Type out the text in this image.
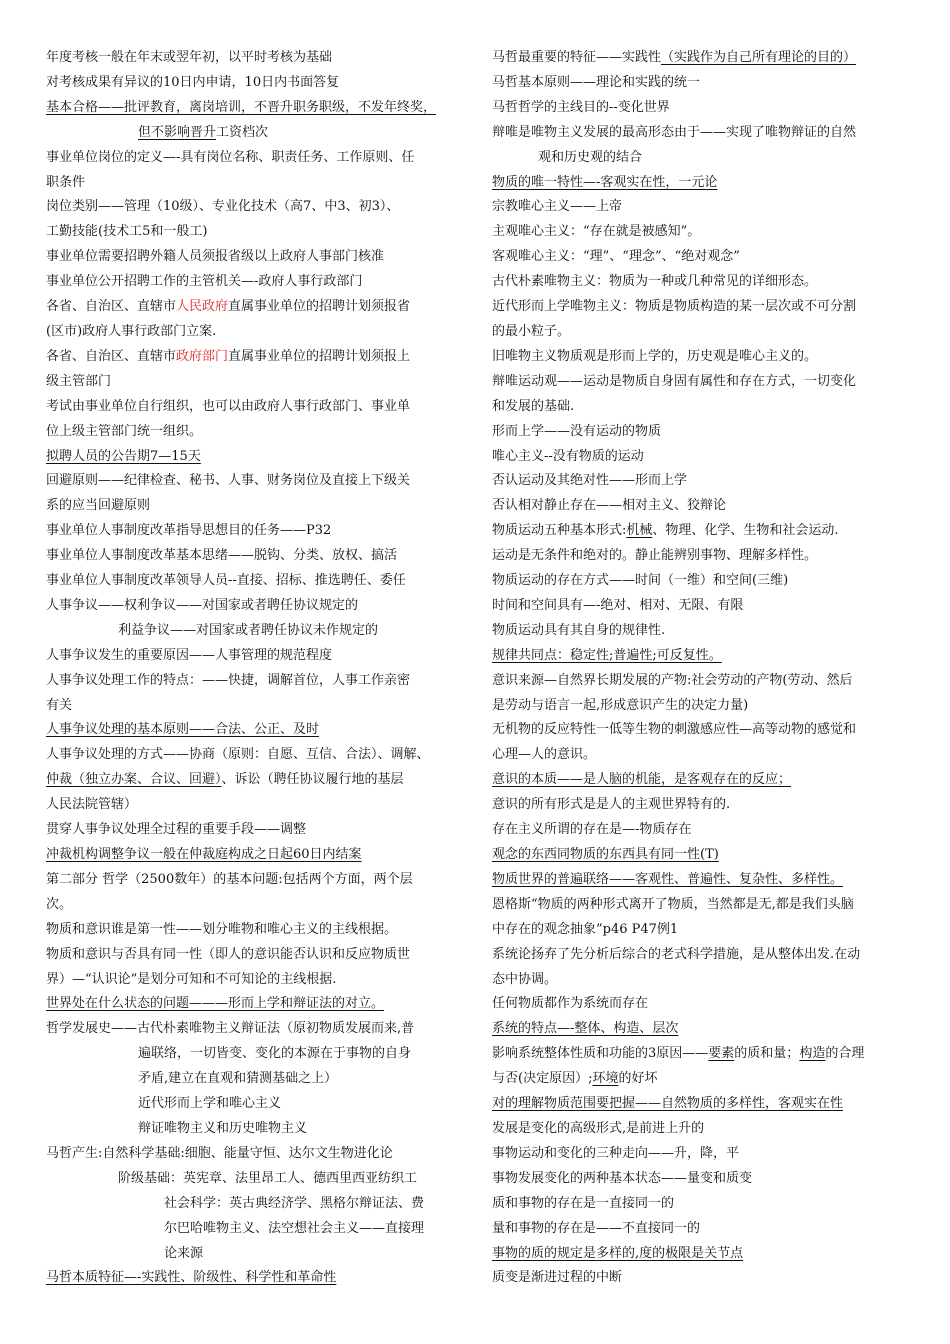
年度考核一般在年末或翌年初，以平时考核为基础
对考核成果有异议的10日内申请，10日内书面答复
基本合格——批评教育，离岗培训，不晋升职务职级，不发年终奖，
但不影响晋升工资档次
事业单位岗位的定义—-具有岗位名称、职责任务、工作原则、任
职条件
岗位类别——管理（10级）、专业化技术（高7、中3、初3）、
工勤技能(技术工5和一般工)
事业单位需要招聘外籍人员须报省级以上政府人事部门核准
事业单位公开招聘工作的主管机关—-政府人事行政部门
各省、自治区、直辖市人民政府直属事业单位的招聘计划须报省
(区市)政府人事行政部门立案.
各省、自治区、直辖市政府部门直属事业单位的招聘计划须报上
级主管部门
考试由事业单位自行组织，也可以由政府人事行政部门、事业单
位上级主管部门统一组织。
拟聘人员的公告期7—15天
回避原则——纪律检查、秘书、人事、财务岗位及直接上下级关
系的应当回避原则
事业单位人事制度改革指导思想目的任务——P32
事业单位人事制度改革基本思绪——脱钩、分类、放权、搞活
事业单位人事制度改革领导人员--直接、招标、推选聘任、委任
人事争议——权利争议——对国家或者聘任协议规定的
利益争议——对国家或者聘任协议未作规定的
人事争议发生的重要原因——人事管理的规范程度
人事争议处理工作的特点：——快捷，调解首位，人事工作亲密
有关
人事争议处理的基本原则——合法、公正、及时
人事争议处理的方式——协商（原则：自愿、互信、合法）、调解、
仲裁（独立办案、合议、回避）、诉讼（聘任协议履行地的基层
人民法院管辖）
贯穿人事争议处理全过程的重要手段——调整
冲裁机构调整争议一般在仲裁庭构成之日起60日内结案
第二部分 哲学（2500数年）的基本问题:包括两个方面，两个层
次。
物质和意识谁是第一性——划分唯物和唯心主义的主线根据。
物质和意识与否具有同一性（即人的意识能否认识和反应物质世
界）—“认识论”是划分可知和不可知论的主线根据.
世界处在什么状态的问题———形而上学和辩证法的对立。
哲学发展史——古代朴素唯物主义辩证法（原初物质发展而来,普
遍联络，一切皆变、变化的本源在于事物的自身
矛盾,建立在直观和猜测基础之上）
近代形而上学和唯心主义
辩证唯物主义和历史唯物主义
马哲产生:自然科学基础:细胞、能量守恒、达尔文生物进化论
阶级基础：英宪章、法里昂工人、德西里西亚纺织工
社会科学：英古典经济学、黑格尔辩证法、费
尔巴哈唯物主义、法空想社会主义——直接理
论来源
马哲本质特征—-实践性、阶级性、科学性和革命性
马哲最重要的特征——实践性（实践作为自己所有理论的目的）
马哲基本原则——理论和实践的统一
马哲哲学的主线目的--变化世界
辩唯是唯物主义发展的最高形态由于——实现了唯物辩证的自然
观和历史观的结合
物质的唯一特性—-客观实在性，一元论
宗教唯心主义——上帝
主观唯心主义：“存在就是被感知”。
客观唯心主义：“理”、“理念”、“绝对观念”
古代朴素唯物主义：物质为一种或几种常见的详细形态。
近代形而上学唯物主义：物质是物质构造的某一层次或不可分割
的最小粒子。
旧唯物主义物质观是形而上学的，历史观是唯心主义的。
辩唯运动观——运动是物质自身固有属性和存在方式，一切变化
和发展的基础.
形而上学——没有运动的物质
唯心主义--没有物质的运动
否认运动及其绝对性——形而上学
否认相对静止存在——相对主义、狡辩论
物质运动五种基本形式:机械、物理、化学、生物和社会运动.
运动是无条件和绝对的。静止能辨别事物、理解多样性。
物质运动的存在方式——时间（一维）和空间(三维)
时间和空间具有—-绝对、相对、无限、有限
物质运动具有其自身的规律性.
规律共同点：稳定性;普遍性;可反复性。
意识来源—自然界长期发展的产物:社会劳动的产物(劳动、然后
是劳动与语言一起,形成意识产生的决定力量)
无机物的反应特性一低等生物的刺激感应性—高等动物的感觉和
心理—人的意识。
意识的本质——是人脑的机能，是客观存在的反应；
意识的所有形式是是人的主观世界特有的.
存在主义所谓的存在是—-物质存在
观念的东西同物质的东西具有同一性(T)
物质世界的普遍联络——客观性、普遍性、复杂性、多样性。
恩格斯“物质的两种形式离开了物质，当然都是无,都是我们头脑
中存在的观念抽象”p46 P47例1
系统论扬弃了先分析后综合的老式科学措施，是从整体出发.在动
态中协调。
任何物质都作为系统而存在
系统的特点—-整体、构造、层次
影响系统整体性质和功能的3原因——要素的质和量；构造的合理
与否(决定原因）;环境的好坏
对的理解物质范围要把握——自然物质的多样性，客观实在性
发展是变化的高级形式,是前进上升的
事物运动和变化的三种走向——升，降，平
事物发展变化的两种基本状态——量变和质变
质和事物的存在是一直接同一的
量和事物的存在是——不直接同一的
事物的质的规定是多样的,度的极限是关节点
质变是渐进过程的中断
